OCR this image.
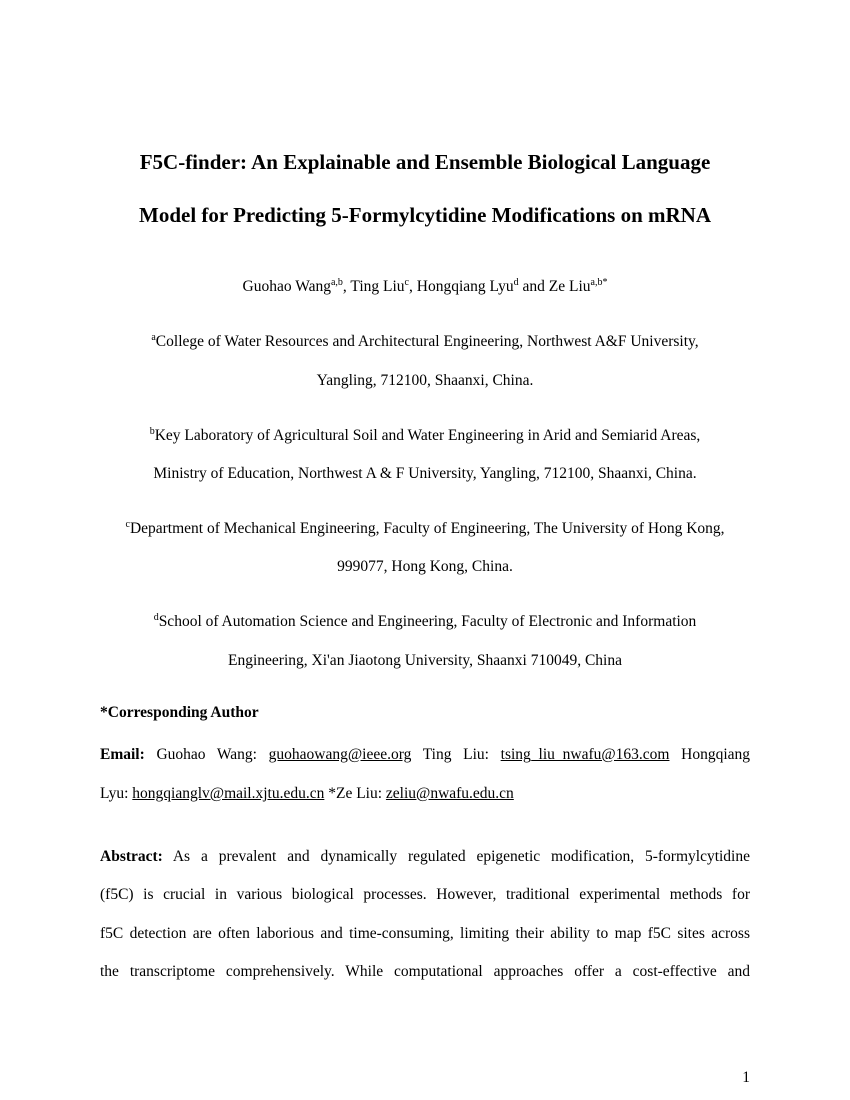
F5C-finder: An Explainable and Ensemble Biological Language
Model for Predicting 5-Formylcytidine Modifications on mRNA
Guohao Wang$^{a,b}$, Ting Liu$^c$, Hongqiang Lyu$^d$ and Ze Liu$^{a,b*}$
$^a$College of Water Resources and Architectural Engineering, Northwest A&F University,
Yangling, 712100, Shaanxi, China.
$^b$Key Laboratory of Agricultural Soil and Water Engineering in Arid and Semiarid Areas,
Ministry of Education, Northwest A & F University, Yangling, 712100, Shaanxi, China.
$^c$Department of Mechanical Engineering, Faculty of Engineering, The University of Hong Kong,
999077, Hong Kong, China.
$^d$School of Automation Science and Engineering, Faculty of Electronic and Information
Engineering, Xi'an Jiaotong University, Shaanxi 710049, China
*Corresponding Author
Email: Guohao Wang: guohaowang@ieee.org Ting Liu: tsing_liu_nwafu@163.com Hongqiang
Lyu: hongqianglv@mail.xjtu.edu.cn *Ze Liu: zeliu@nwafu.edu.cn
Abstract: As a prevalent and dynamically regulated epigenetic modification, 5-formylcytidine
(f5C) is crucial in various biological processes. However, traditional experimental methods for
f5C detection are often laborious and time-consuming, limiting their ability to map f5C sites across
the transcriptome comprehensively. While computational approaches offer a cost-effective and
1
